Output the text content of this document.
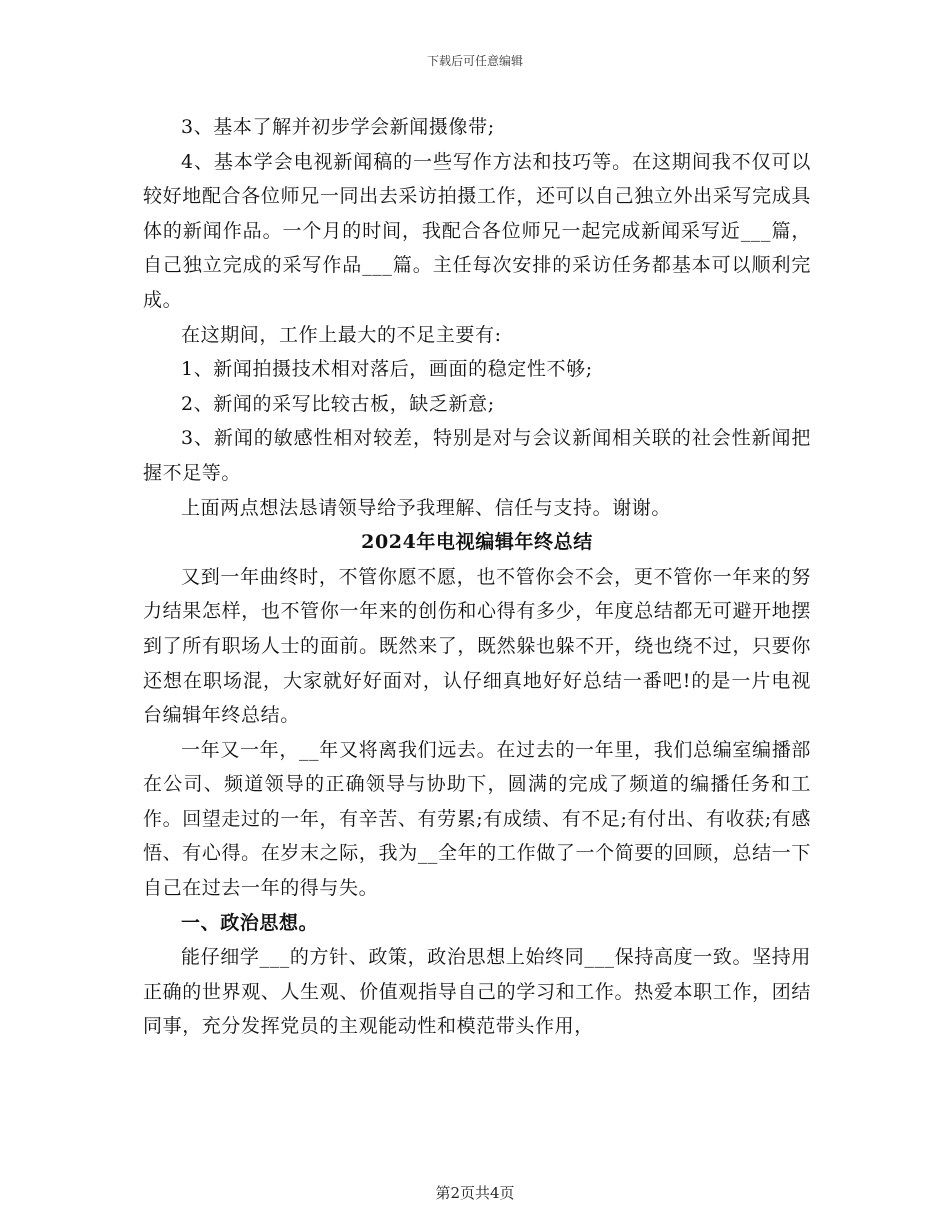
下载后可任意编辑

3、基本了解并初步学会新闻摄像带;

4、基本学会电视新闻稿的一些写作方法和技巧等。在这期间我不仅可以较好地配合各位师兄一同出去采访拍摄工作，还可以自己独立外出采写完成具体的新闻作品。一个月的时间，我配合各位师兄一起完成新闻采写近___篇，自己独立完成的采写作品___篇。主任每次安排的采访任务都基本可以顺利完成。

在这期间，工作上最大的不足主要有:

1、新闻拍摄技术相对落后，画面的稳定性不够;

2、新闻的采写比较古板，缺乏新意;

3、新闻的敏感性相对较差，特别是对与会议新闻相关联的社会性新闻把握不足等。

上面两点想法恳请领导给予我理解、信任与支持。谢谢。

2024年电视编辑年终总结

又到一年曲终时，不管你愿不愿，也不管你会不会，更不管你一年来的努力结果怎样，也不管你一年来的创伤和心得有多少，年度总结都无可避开地摆到了所有职场人士的面前。既然来了，既然躲也躲不开，绕也绕不过，只要你还想在职场混，大家就好好面对，认仔细真地好好总结一番吧!的是一片电视台编辑年终总结。

一年又一年，__年又将离我们远去。在过去的一年里，我们总编室编播部在公司、频道领导的正确领导与协助下，圆满的完成了频道的编播任务和工作。回望走过的一年，有辛苦、有劳累;有成绩、有不足;有付出、有收获;有感悟、有心得。在岁末之际，我为__全年的工作做了一个简要的回顾，总结一下自己在过去一年的得与失。

一、政治思想。

能仔细学___的方针、政策，政治思想上始终同___保持高度一致。坚持用正确的世界观、人生观、价值观指导自己的学习和工作。热爱本职工作，团结同事，充分发挥党员的主观能动性和模范带头作用，

第2页共4页
